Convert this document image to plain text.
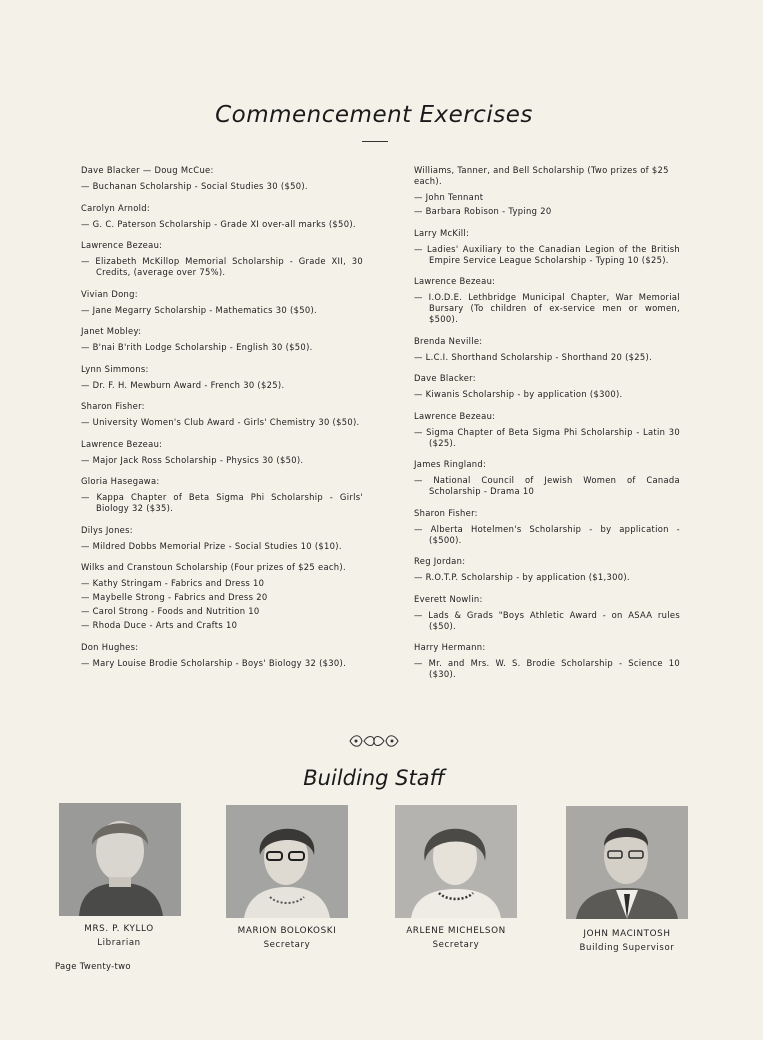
Commencement Exercises
Dave Blacker — Doug McCue:
— Buchanan Scholarship - Social Studies 30 ($50).
Carolyn Arnold:
— G. C. Paterson Scholarship - Grade XI over-all marks ($50).
Lawrence Bezeau:
— Elizabeth McKillop Memorial Scholarship - Grade XII, 30 Credits, (average over 75%).
Vivian Dong:
— Jane Megarry Scholarship - Mathematics 30 ($50).
Janet Mobley:
— B'nai B'rith Lodge Scholarship - English 30 ($50).
Lynn Simmons:
— Dr. F. H. Mewburn Award - French 30 ($25).
Sharon Fisher:
— University Women's Club Award - Girls' Chemistry 30 ($50).
Lawrence Bezeau:
— Major Jack Ross Scholarship - Physics 30 ($50).
Gloria Hasegawa:
— Kappa Chapter of Beta Sigma Phi Scholarship - Girls' Biology 32 ($35).
Dilys Jones:
— Mildred Dobbs Memorial Prize - Social Studies 10 ($10).
Wilks and Cranstoun Scholarship (Four prizes of $25 each).
— Kathy Stringam - Fabrics and Dress 10
— Maybelle Strong - Fabrics and Dress 20
— Carol Strong - Foods and Nutrition 10
— Rhoda Duce - Arts and Crafts 10
Don Hughes:
— Mary Louise Brodie Scholarship - Boys' Biology 32 ($30).
Williams, Tanner, and Bell Scholarship (Two prizes of $25 each).
— John Tennant
— Barbara Robison - Typing 20
Larry McKill:
— Ladies' Auxiliary to the Canadian Legion of the British Empire Service League Scholarship - Typing 10 ($25).
Lawrence Bezeau:
— I.O.D.E. Lethbridge Municipal Chapter, War Memorial Bursary (To children of ex-service men or women, $500).
Brenda Neville:
— L.C.I. Shorthand Scholarship - Shorthand 20 ($25).
Dave Blacker:
— Kiwanis Scholarship - by application ($300).
Lawrence Bezeau:
— Sigma Chapter of Beta Sigma Phi Scholarship - Latin 30 ($25).
James Ringland:
— National Council of Jewish Women of Canada Scholarship - Drama 10
Sharon Fisher:
— Alberta Hotelmen's Scholarship - by application - ($500).
Reg Jordan:
— R.O.T.P. Scholarship - by application ($1,300).
Everett Nowlin:
— Lads & Grads "Boys Athletic Award - on ASAA rules ($50).
Harry Hermann:
— Mr. and Mrs. W. S. Brodie Scholarship - Science 10 ($30).
Building Staff
MRS. P. KYLLO
Librarian
MARION BOLOKOSKI
Secretary
ARLENE MICHELSON
Secretary
JOHN MACINTOSH
Building Supervisor
Page Twenty-two
